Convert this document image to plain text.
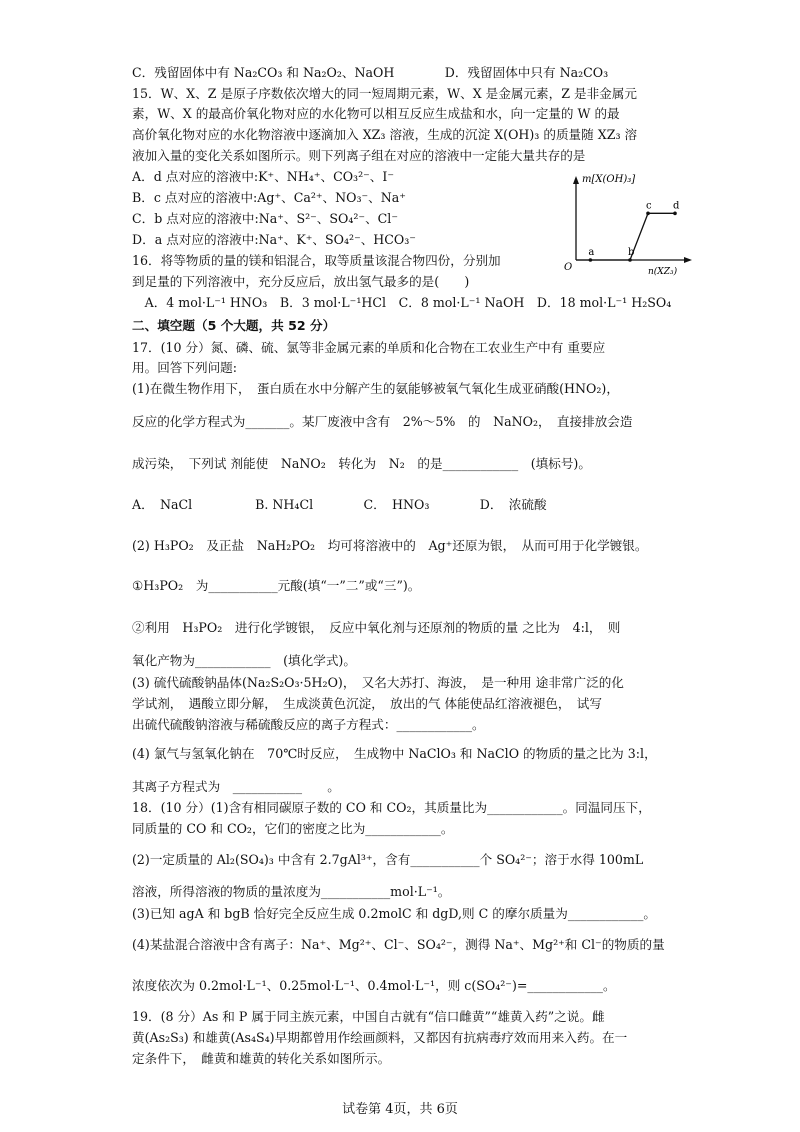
C．残留固体中有 Na₂CO₃ 和 Na₂O₂、NaOH　　　　D．残留固体中只有 Na₂CO₃
15．W、X、Z 是原子序数依次增大的同一短周期元素，W、X 是金属元素，Z 是非金属元
素，W、X 的最高价氧化物对应的水化物可以相互反应生成盐和水，向一定量的 W 的最
高价氧化物对应的水化物溶液中逐滴加入 XZ₃ 溶液，生成的沉淀 X(OH)₃ 的质量随 XZ₃ 溶
液加入量的变化关系如图所示。则下列离子组在对应的溶液中一定能大量共存的是
A．d 点对应的溶液中:K⁺、NH₄⁺、CO₃²⁻、I⁻
B．c 点对应的溶液中:Ag⁺、Ca²⁺、NO₃⁻、Na⁺
C．b 点对应的溶液中:Na⁺、S²⁻、SO₄²⁻、Cl⁻
D．a 点对应的溶液中:Na⁺、K⁺、SO₄²⁻、HCO₃⁻
16．将等物质的量的镁和铝混合，取等质量该混合物四份，分别加
到足量的下列溶液中，充分反应后，放出氢气最多的是(　　)
　A．4 mol·L⁻¹ HNO₃　B．3 mol·L⁻¹HCl　C．8 mol·L⁻¹ NaOH　D．18 mol·L⁻¹ H₂SO₄
二、填空题（5 个大题，共 52 分）
17．(10 分）氮、磷、硫、氯等非金属元素的单质和化合物在工农业生产中有 重要应
用。回答下列问题:
(1)在微生物作用下，　蛋白质在水中分解产生的氨能够被氧气氧化生成亚硝酸(HNO₂)，
反应的化学方程式为_______。某厂废液中含有　2%～5%　的　NaNO₂，　直接排放会造
成污染，　下列试 剂能使　NaNO₂　转化为　N₂　的是____________　(填标号)。
A．　NaCl　　　　　B. NH₄Cl　　　　C．　HNO₃　　　　D．　浓硫酸
(2) H₃PO₂　及正盐　NaH₂PO₂　均可将溶液中的　Ag⁺还原为银，　从而可用于化学镀银。
①H₃PO₂　为___________元酸(填“一”二”或“三”)。
②利用　H₃PO₂　进行化学镀银，　反应中氧化剂与还原剂的物质的量 之比为　4:l，　则
氧化产物为____________　(填化学式)。
(3) 硫代硫酸钠晶体(Na₂S₂O₃·5H₂O)，　又名大苏打、海波，　是一种用 途非常广泛的化
学试剂，　遇酸立即分解，　生成淡黄色沉淀，　放出的气 体能使品红溶液褪色，　试写
出硫代硫酸钠溶液与稀硫酸反应的离子方程式：____________。
(4) 氯气与氢氧化钠在　70℃时反应，　生成物中 NaClO₃ 和 NaClO 的物质的量之比为 3:l，
其离子方程式为　___________　　。
18．(10 分）(1)含有相同碳原子数的 CO 和 CO₂，其质量比为____________。同温同压下，
同质量的 CO 和 CO₂，它们的密度之比为____________。
(2)一定质量的 Al₂(SO₄)₃ 中含有 2.7gAl³⁺，含有___________个 SO₄²⁻；溶于水得 100mL
溶液，所得溶液的物质的量浓度为___________mol·L⁻¹。
(3)已知 agA 和 bgB 恰好完全反应生成 0.2molC 和 dgD,则 C 的摩尔质量为____________。
(4)某盐混合溶液中含有离子：Na⁺、Mg²⁺、Cl⁻、SO₄²⁻，测得 Na⁺、Mg²⁺和 Cl⁻的物质的量
浓度依次为 0.2mol·L⁻¹、0.25mol·L⁻¹、0.4mol·L⁻¹，则 c(SO₄²⁻)=____________。
19．(8 分）As 和 P 属于同主族元素，中国自古就有“信口雌黄”“雄黄入药”之说。雌
黄(As₂S₃) 和雄黄(As₄S₄)早期都曾用作绘画颜料，又都因有抗病毒疗效而用来入药。在一
定条件下，　雌黄和雄黄的转化关系如图所示。
m[X(OH)₃]
n(XZ₃)
O
a	b
c d
试卷第 4页，共 6页
